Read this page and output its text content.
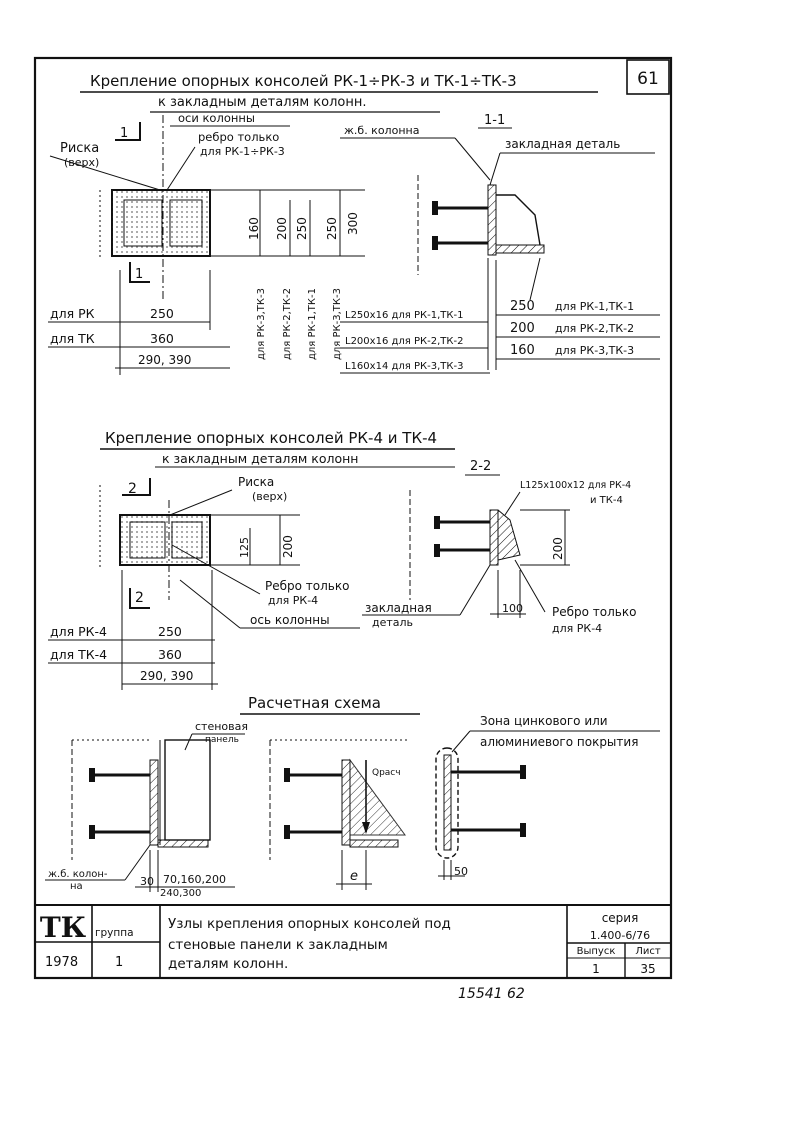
61
Крепление опорных консолей РК-1÷РК-3 и ТК-1÷ТК-3
к закладным деталям колонн.
оси колонны
1
Риска
(верх)
ребро только
для РК-1÷РК-3
1
160 200 250 250 300
для РК-3,ТК-3 для РК-2,ТК-2 для РК-1,ТК-1 для РК-3,ТК-3
для РК	250
для ТК	360
290, 390
1-1
ж.б. колонна
закладная деталь
L250x16 для РК-1,ТК-1
L200x16 для РК-2,ТК-2
L160x14 для РК-3,ТК-3
250 для РК-1,ТК-1
200 для РК-2,ТК-2
160 для РК-3,ТК-3
Крепление опорных консолей РК-4 и ТК-4
к закладным деталям колонн
2-2
2	Риска
(верх)
125	200
Ребро только
для РК-4
2
ось колонны
для РК-4	250
для ТК-4	360
290, 390
L125x100x12 для РК-4
и ТК-4
200
100
закладная
деталь
Ребро только
для РК-4
Расчетная схема
стеновая
панель
ж.б. колон-
на	30 70,160,200
240,300
Qрасч
e
Зона цинкового или
алюминиевого покрытия
50
ТК группа
1978	1
Узлы крепления опорных консолей под
стеновые панели к закладным
деталям колонн.
серия
1.400-6/76
Выпуск Лист
1	35
15541 62
